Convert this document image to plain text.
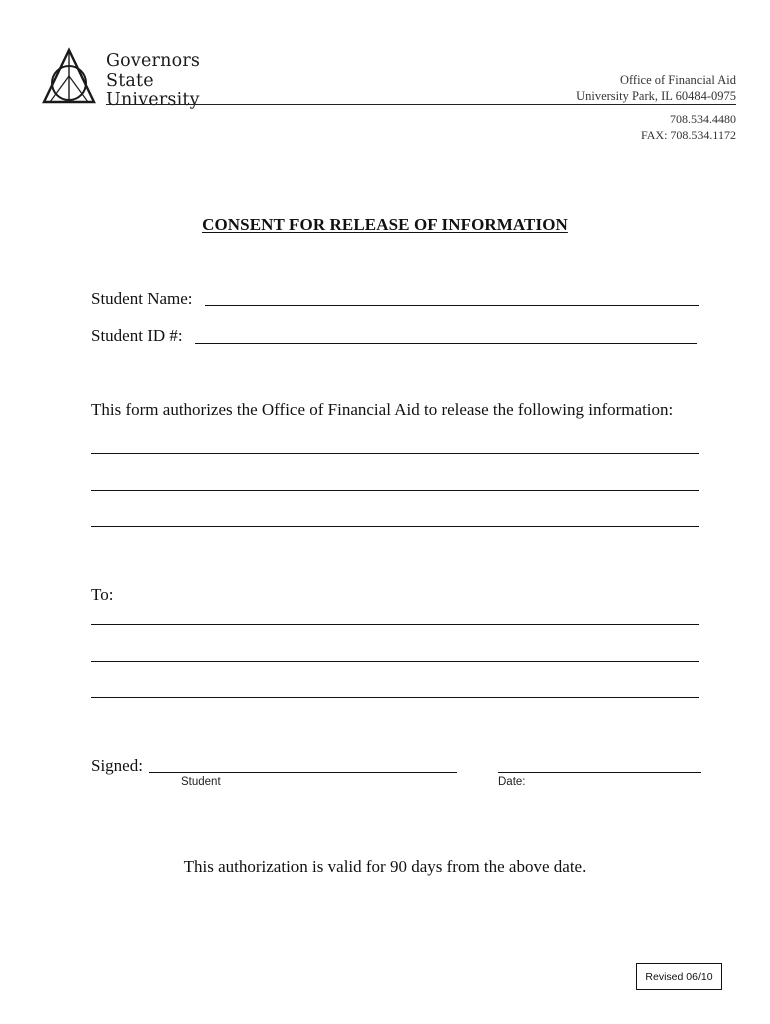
Governors
State
University
Office of Financial Aid
University Park, IL 60484-0975
708.534.4480
FAX: 708.534.1172
CONSENT FOR RELEASE OF INFORMATION
Student Name:
Student ID #:
This form authorizes the Office of Financial Aid to release the following information:
To:
Signed:
Student	Date:
This authorization is valid for 90 days from the above date.
Revised 06/10
